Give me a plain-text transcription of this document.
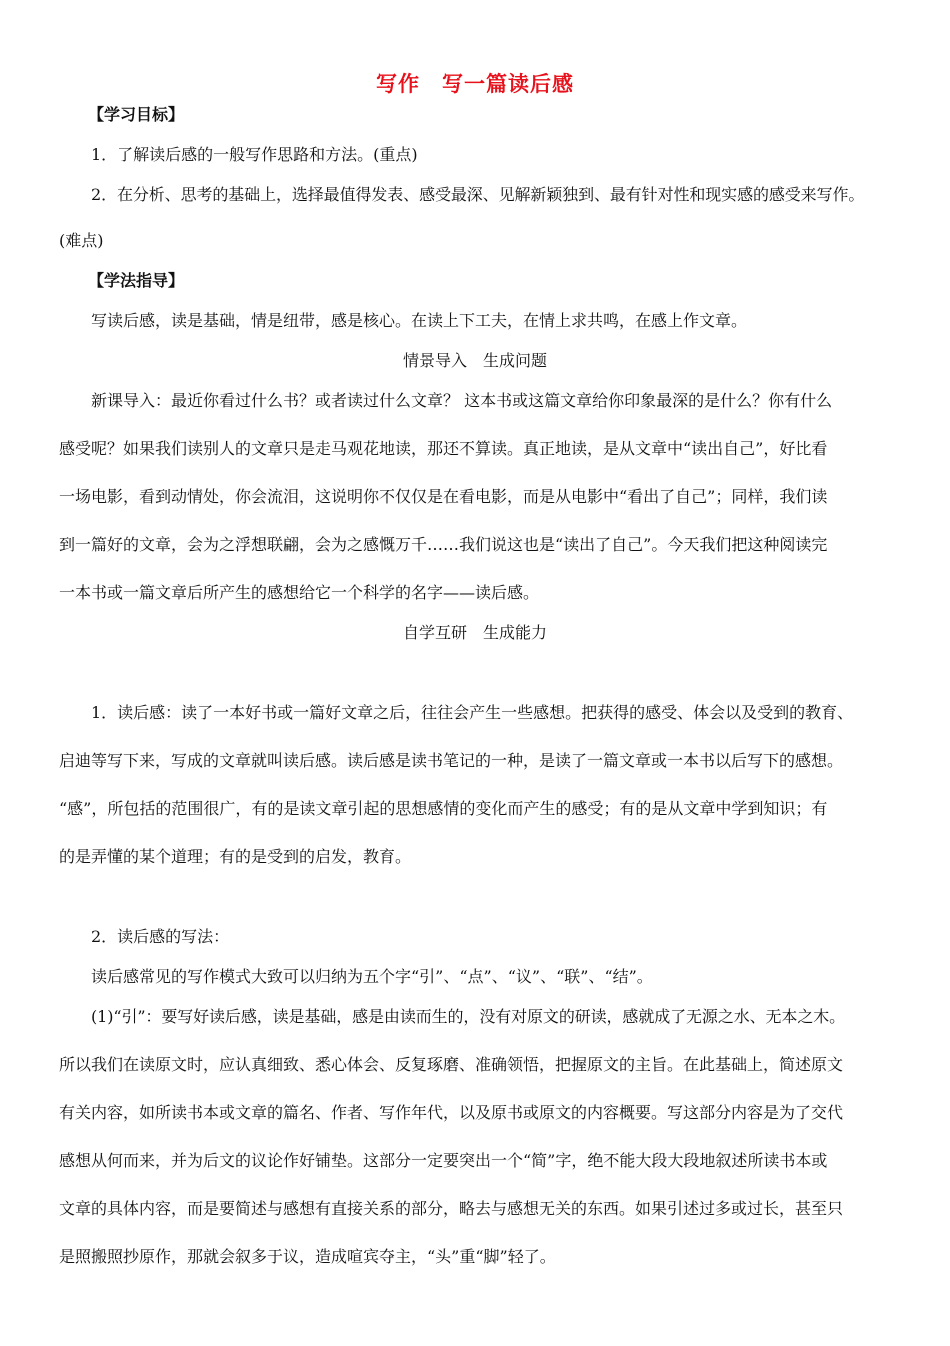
写作 写一篇读后感
【学习目标】
1．了解读后感的一般写作思路和方法。(重点)
2．在分析、思考的基础上，选择最值得发表、感受最深、见解新颖独到、最有针对性和现实感的感受来写作。
(难点)
【学法指导】
写读后感，读是基础，情是纽带，感是核心。在读上下工夫，在情上求共鸣，在感上作文章。
情景导入　生成问题
新课导入：最近你看过什么书？或者读过什么文章？ 这本书或这篇文章给你印象最深的是什么？你有什么
感受呢？如果我们读别人的文章只是走马观花地读，那还不算读。真正地读，是从文章中“读出自己”，好比看
一场电影，看到动情处，你会流泪，这说明你不仅仅是在看电影，而是从电影中“看出了自己”；同样，我们读
到一篇好的文章，会为之浮想联翩，会为之感慨万千……我们说这也是“读出了自己”。今天我们把这种阅读完
一本书或一篇文章后所产生的感想给它一个科学的名字——读后感。
自学互研　生成能力
1．读后感：读了一本好书或一篇好文章之后，往往会产生一些感想。把获得的感受、体会以及受到的教育、
启迪等写下来，写成的文章就叫读后感。读后感是读书笔记的一种，是读了一篇文章或一本书以后写下的感想。
“感”，所包括的范围很广，有的是读文章引起的思想感情的变化而产生的感受；有的是从文章中学到知识；有
的是弄懂的某个道理；有的是受到的启发，教育。
2．读后感的写法：
读后感常见的写作模式大致可以归纳为五个字“引”、“点”、“议”、“联”、“结”。
(1)“引”：要写好读后感，读是基础，感是由读而生的，没有对原文的研读，感就成了无源之水、无本之木。
所以我们在读原文时，应认真细致、悉心体会、反复琢磨、准确领悟，把握原文的主旨。在此基础上，简述原文
有关内容，如所读书本或文章的篇名、作者、写作年代，以及原书或原文的内容概要。写这部分内容是为了交代
感想从何而来，并为后文的议论作好铺垫。这部分一定要突出一个“简”字，绝不能大段大段地叙述所读书本或
文章的具体内容，而是要简述与感想有直接关系的部分，略去与感想无关的东西。如果引述过多或过长，甚至只
是照搬照抄原作，那就会叙多于议，造成喧宾夺主，“头”重“脚”轻了。
